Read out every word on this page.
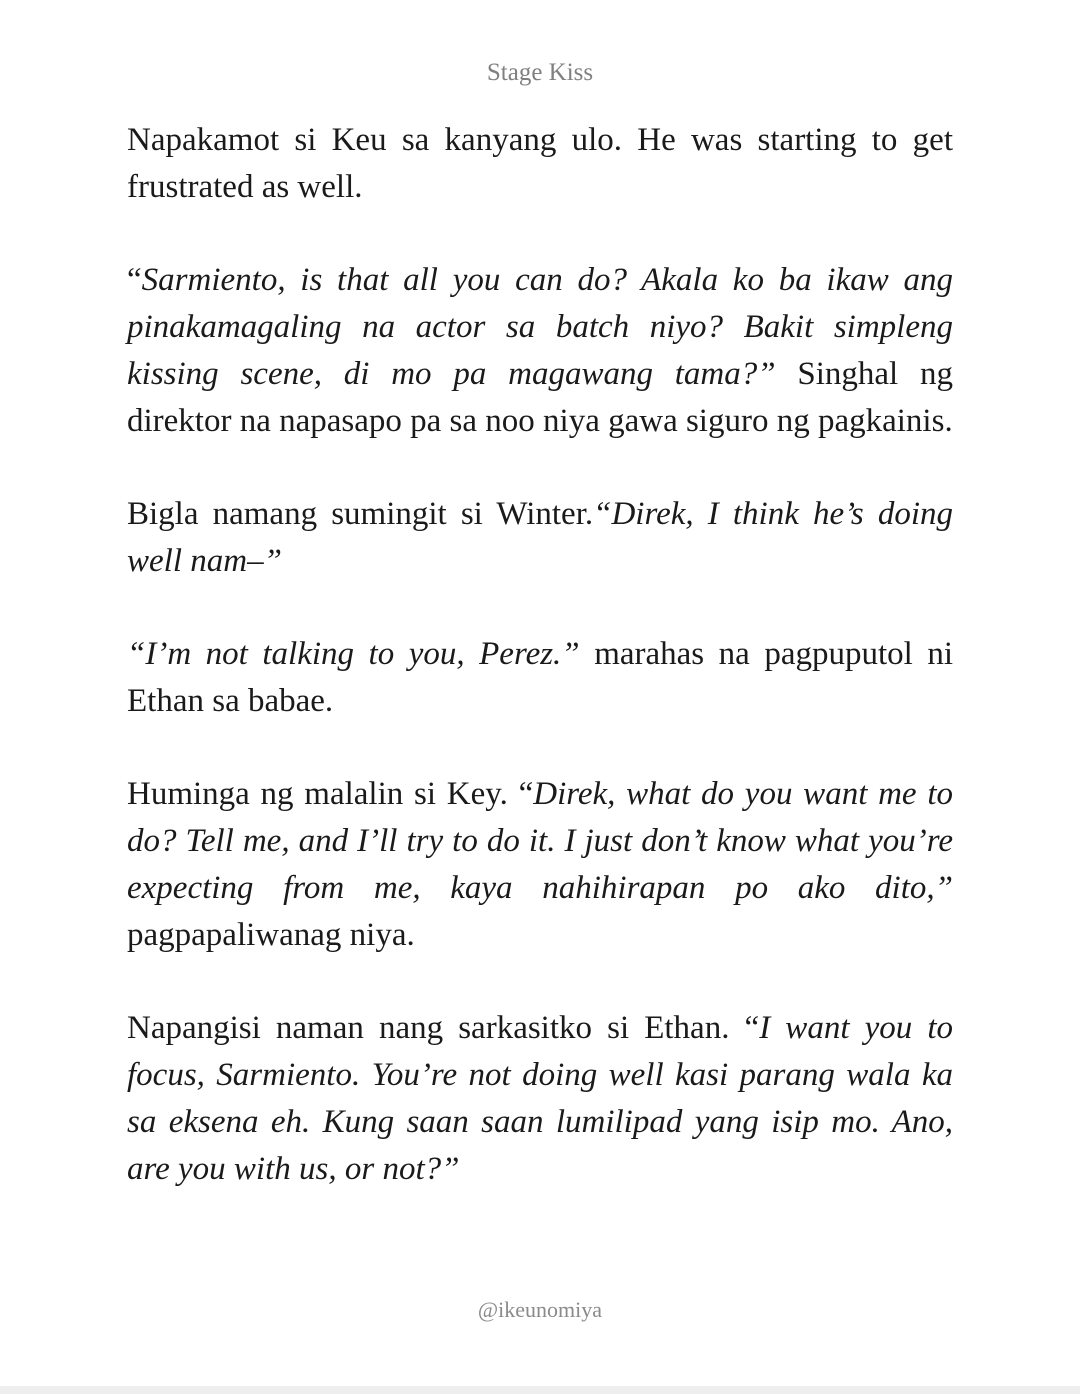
Stage Kiss

Napakamot si Keu sa kanyang ulo. He was starting to get frustrated as well.

“Sarmiento, is that all you can do? Akala ko ba ikaw ang pinakamagaling na actor sa batch niyo? Bakit simpleng kissing scene, di mo pa magawang tama?” Singhal ng direktor na napasapo pa sa noo niya gawa siguro ng pagkainis.

Bigla namang sumingit si Winter.“Direk, I think he’s doing well nam–”

“I’m not talking to you, Perez.” marahas na pagpuputol ni Ethan sa babae.

Huminga ng malalin si Key. “Direk, what do you want me to do? Tell me, and I’ll try to do it. I just don’t know what you’re expecting from me, kaya nahihirapan po ako dito,” pagpapaliwanag niya.

Napangisi naman nang sarkasitko si Ethan. “I want you to focus, Sarmiento. You’re not doing well kasi parang wala ka sa eksena eh. Kung saan saan lumilipad yang isip mo. Ano, are you with us, or not?”

@ikeunomiya
